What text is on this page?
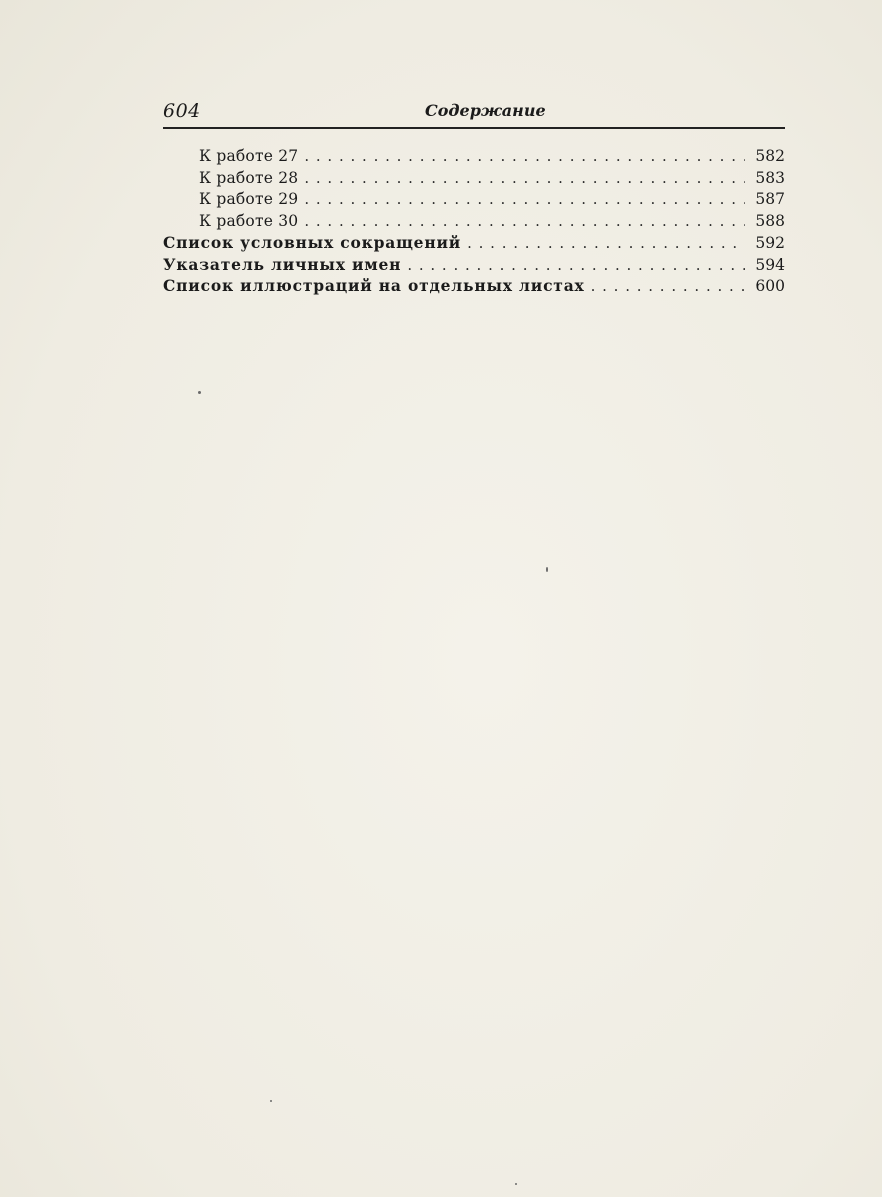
604	Содержание
К работе 27 . . .	582
К работе 28 . . .	583
К работе 29 . . .	587
К работе 30 . . .	588
Список условных сокращений . . .	592
Указатель личных имен . . .	594
Список иллюстраций на отдельных листах . . .	600
